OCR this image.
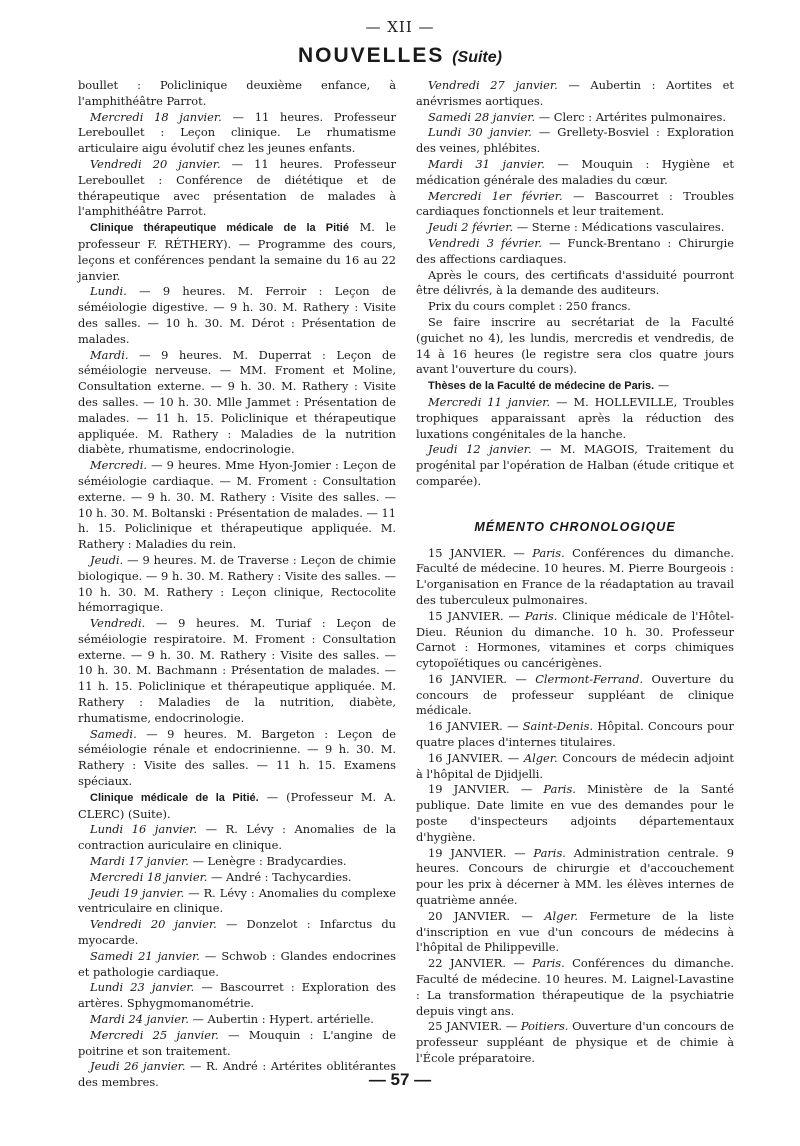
— XII —
NOUVELLES (Suite)

boullet : Policlinique deuxième enfance, à l'amphithéâtre Parrot.

Mercredi 18 janvier. — 11 heures. Professeur Lereboullet : Leçon clinique. Le rhumatisme articulaire aigu évolutif chez les jeunes enfants.

Vendredi 20 janvier. — 11 heures. Professeur Lereboullet : Conférence de diététique et de thérapeutique avec présentation de malades à l'amphithéâtre Parrot.

Clinique thérapeutique médicale de la Pitié M. le professeur F. RÉTHERY). — Programme des cours, leçons et conférences pendant la semaine du 16 au 22 janvier.

Lundi. — 9 heures. M. Ferroir : Leçon de séméiologie digestive. — 9 h. 30. M. Rathery : Visite des salles. — 10 h. 30. M. Dérot : Présentation de malades.

Mardi. — 9 heures. M. Duperrat : Leçon de séméiologie nerveuse. — MM. Froment et Moline, Consultation externe. — 9 h. 30. M. Rathery : Visite des salles. — 10 h. 30. Mlle Jammet : Présentation de malades. — 11 h. 15. Policlinique et thérapeutique appliquée. M. Rathery : Maladies de la nutrition diabète, rhumatisme, endocrinologie.

Mercredi. — 9 heures. Mme Hyon-Jomier : Leçon de séméiologie cardiaque. — M. Froment : Consultation externe. — 9 h. 30. M. Rathery : Visite des salles. — 10 h. 30. M. Boltanski : Présentation de malades. — 11 h. 15. Policlinique et thérapeutique appliquée. M. Rathery : Maladies du rein.

Jeudi. — 9 heures. M. de Traverse : Leçon de chimie biologique. — 9 h. 30. M. Rathery : Visite des salles. — 10 h. 30. M. Rathery : Leçon clinique, Rectocolite hémorragique.

Vendredi. — 9 heures. M. Turiaf : Leçon de séméiologie respiratoire. M. Froment : Consultation externe. — 9 h. 30. M. Rathery : Visite des salles. — 10 h. 30. M. Bachmann : Présentation de malades. — 11 h. 15. Policlinique et thérapeutique appliquée. M. Rathery : Maladies de la nutrition, diabète, rhumatisme, endocrinologie.

Samedi. — 9 heures. M. Bargeton : Leçon de séméiologie rénale et endocrinienne. — 9 h. 30. M. Rathery : Visite des salles. — 11 h. 15. Examens spéciaux.

Clinique médicale de la Pitié. — (Professeur M. A. CLERC) (Suite).

Lundi 16 janvier. — R. Lévy : Anomalies de la contraction auriculaire en clinique.

Mardi 17 janvier. — Lenègre : Bradycardies.

Mercredi 18 janvier. — André : Tachycardies.

Jeudi 19 janvier. — R. Lévy : Anomalies du complexe ventriculaire en clinique.

Vendredi 20 janvier. — Donzelot : Infarctus du myocarde.

Samedi 21 janvier. — Schwob : Glandes endocrines et pathologie cardiaque.

Lundi 23 janvier. — Bascourret : Exploration des artères. Sphygmomanométrie.

Mardi 24 janvier. — Aubertin : Hypert. artérielle.

Mercredi 25 janvier. — Mouquin : L'angine de poitrine et son traitement.

Jeudi 26 janvier. — R. André : Artérites oblitérantes des membres.

Vendredi 27 janvier. — Aubertin : Aortites et anévrismes aortiques.

Samedi 28 janvier. — Clerc : Artérites pulmonaires.

Lundi 30 janvier. — Grellety-Bosviel : Exploration des veines, phlébites.

Mardi 31 janvier. — Mouquin : Hygiène et médication générale des maladies du cœur.

Mercredi 1er février. — Bascourret : Troubles cardiaques fonctionnels et leur traitement.

Jeudi 2 février. — Sterne : Médications vasculaires.

Vendredi 3 février. — Funck-Brentano : Chirurgie des affections cardiaques.

Après le cours, des certificats d'assiduité pourront être délivrés, à la demande des auditeurs.

Prix du cours complet : 250 francs.

Se faire inscrire au secrétariat de la Faculté (guichet no 4), les lundis, mercredis et vendredis, de 14 à 16 heures (le registre sera clos quatre jours avant l'ouverture du cours).

Thèses de la Faculté de médecine de Paris. —

Mercredi 11 janvier. — M. HOLLEVILLE, Troubles trophiques apparaissant après la réduction des luxations congénitales de la hanche.

Jeudi 12 janvier. — M. MAGOIS, Traitement du progénital par l'opération de Halban (étude critique et comparée).

MÉMENTO CHRONOLOGIQUE

15 JANVIER. — Paris. Conférences du dimanche. Faculté de médecine. 10 heures. M. Pierre Bourgeois : L'organisation en France de la réadaptation au travail des tuberculeux pulmonaires.

15 JANVIER. — Paris. Clinique médicale de l'Hôtel-Dieu. Réunion du dimanche. 10 h. 30. Professeur Carnot : Hormones, vitamines et corps chimiques cytopoïétiques ou cancérigènes.

16 JANVIER. — Clermont-Ferrand. Ouverture du concours de professeur suppléant de clinique médicale.

16 JANVIER. — Saint-Denis. Hôpital. Concours pour quatre places d'internes titulaires.

16 JANVIER. — Alger. Concours de médecin adjoint à l'hôpital de Djidjelli.

19 JANVIER. — Paris. Ministère de la Santé publique. Date limite en vue des demandes pour le poste d'inspecteurs adjoints départementaux d'hygiène.

19 JANVIER. — Paris. Administration centrale. 9 heures. Concours de chirurgie et d'accouchement pour les prix à décerner à MM. les élèves internes de quatrième année.

20 JANVIER. — Alger. Fermeture de la liste d'inscription en vue d'un concours de médecins à l'hôpital de Philippeville.

22 JANVIER. — Paris. Conférences du dimanche. Faculté de médecine. 10 heures. M. Laignel-Lavastine : La transformation thérapeutique de la psychiatrie depuis vingt ans.

25 JANVIER. — Poitiers. Ouverture d'un concours de professeur suppléant de physique et de chimie à l'École préparatoire.

— 57 —
